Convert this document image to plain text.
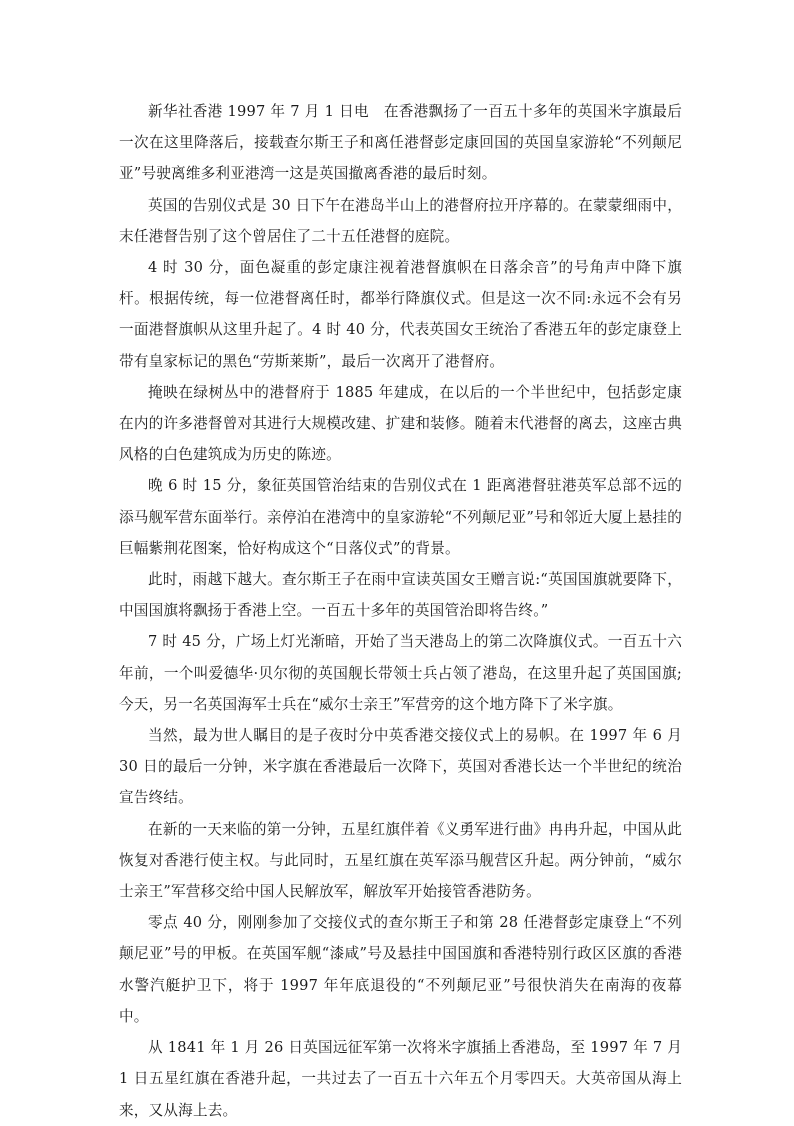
新华社香港 1997 年 7 月 1 日电　在香港飘扬了一百五十多年的英国米字旗最后一次在这里降落后，接载查尔斯王子和离任港督彭定康回国的英国皇家游轮“不列颠尼亚”号驶离维多利亚港湾一这是英国撤离香港的最后时刻。

英国的告别仪式是 30 日下午在港岛半山上的港督府拉开序幕的。在蒙蒙细雨中，末任港督告别了这个曾居住了二十五任港督的庭院。

4 时 30 分，面色凝重的彭定康注视着港督旗帜在日落余音”的号角声中降下旗杆。根据传统，每一位港督离任时，都举行降旗仪式。但是这一次不同:永远不会有另一面港督旗帜从这里升起了。4 时 40 分，代表英国女王统治了香港五年的彭定康登上带有皇家标记的黑色“劳斯莱斯”，最后一次离开了港督府。

掩映在绿树丛中的港督府于 1885 年建成，在以后的一个半世纪中，包括彭定康在内的许多港督曾对其进行大规模改建、扩建和装修。随着末代港督的离去，这座古典风格的白色建筑成为历史的陈迹。

晚 6 时 15 分，象征英国管治结束的告别仪式在 1 距离港督驻港英军总部不远的添马舰军营东面举行。亲停泊在港湾中的皇家游轮“不列颠尼亚”号和邻近大厦上悬挂的巨幅紫荆花图案，恰好构成这个“日落仪式”的背景。

此时，雨越下越大。查尔斯王子在雨中宣读英国女王赠言说:“英国国旗就要降下，中国国旗将飘扬于香港上空。一百五十多年的英国管治即将告终。”

7 时 45 分，广场上灯光渐暗，开始了当天港岛上的第二次降旗仪式。一百五十六年前，一个叫爱德华·贝尔彻的英国舰长带领士兵占领了港岛，在这里升起了英国国旗;今天，另一名英国海军士兵在“威尔士亲王”军营旁的这个地方降下了米字旗。

当然，最为世人瞩目的是子夜时分中英香港交接仪式上的易帜。在 1997 年 6 月 30 日的最后一分钟，米字旗在香港最后一次降下，英国对香港长达一个半世纪的统治宣告终结。

在新的一天来临的第一分钟，五星红旗伴着《义勇军进行曲》冉冉升起，中国从此恢复对香港行使主权。与此同时，五星红旗在英军添马舰营区升起。两分钟前，“威尔士亲王”军营移交给中国人民解放军，解放军开始接管香港防务。

零点 40 分，刚刚参加了交接仪式的查尔斯王子和第 28 任港督彭定康登上“不列颠尼亚”号的甲板。在英国军舰“漆咸”号及悬挂中国国旗和香港特别行政区区旗的香港水警汽艇护卫下，将于 1997 年年底退役的“不列颠尼亚”号很快消失在南海的夜幕中。

从 1841 年 1 月 26 日英国远征军第一次将米字旗插上香港岛，至 1997 年 7 月 1 日五星红旗在香港升起，一共过去了一百五十六年五个月零四天。大英帝国从海上来，又从海上去。
